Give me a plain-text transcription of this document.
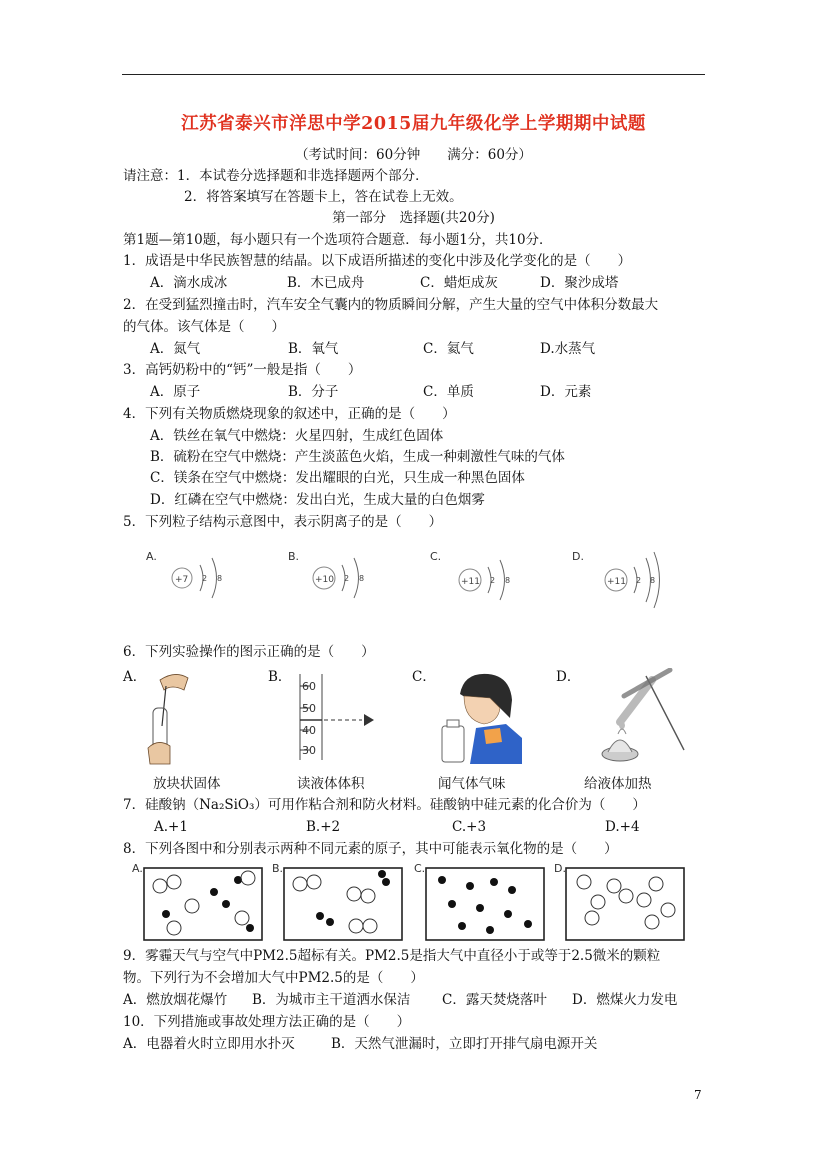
江苏省泰兴市洋思中学2015届九年级化学上学期期中试题
（考试时间：60分钟　　满分：60分）
请注意：1．本试卷分选择题和非选择题两个部分．
2．将答案填写在答题卡上，答在试卷上无效。
第一部分　选择题(共20分)
第1题—第10题，每小题只有一个选项符合题意．每小题1分，共10分．
1．成语是中华民族智慧的结晶。以下成语所描述的变化中涉及化学变化的是（　　）
A．滴水成冰	B．木已成舟	C．蜡炬成灰	D．聚沙成塔
2．在受到猛烈撞击时，汽车安全气囊内的物质瞬间分解，产生大量的空气中体积分数最大
的气体。该气体是（　　）
A．氮气	B．氧气	C．氦气	D.水蒸气
3．高钙奶粉中的“钙”一般是指（　　）
A．原子	B．分子	C．单质	D．元素
4．下列有关物质燃烧现象的叙述中，正确的是（　　）
A．铁丝在氧气中燃烧：火星四射，生成红色固体
B．硫粉在空气中燃烧：产生淡蓝色火焰，生成一种刺激性气味的气体
C．镁条在空气中燃烧：发出耀眼的白光，只生成一种黑色固体
D．红磷在空气中燃烧：发出白光，生成大量的白色烟雾
5．下列粒子结构示意图中，表示阴离子的是（　　）
A.
+7 2 8
B.
+10 2 8
C.
+11 2 8
D.
+11 2 8
6．下列实验操作的图示正确的是（　　）
A．	B．	C．	D．
60
50
40
30
放块状固体	读液体体积	闻气体气味	给液体加热
7．硅酸钠（Na₂SiO₃）可用作粘合剂和防火材料。硅酸钠中硅元素的化合价为（　　）
A.+1	B.+2	C.+3	D.+4
8．下列各图中和分别表示两种不同元素的原子，其中可能表示氧化物的是（　　）
A.	B.	C.	D.
9．雾霾天气与空气中PM2.5超标有关。PM2.5是指大气中直径小于或等于2.5微米的颗粒
物。下列行为不会增加大气中PM2.5的是（　　）
A．燃放烟花爆竹 B．为城市主干道洒水保洁 C．露天焚烧落叶 D．燃煤火力发电
10．下列措施或事故处理方法正确的是（　　）
A．电器着火时立即用水扑灭	B．天然气泄漏时，立即打开排气扇电源开关
7
